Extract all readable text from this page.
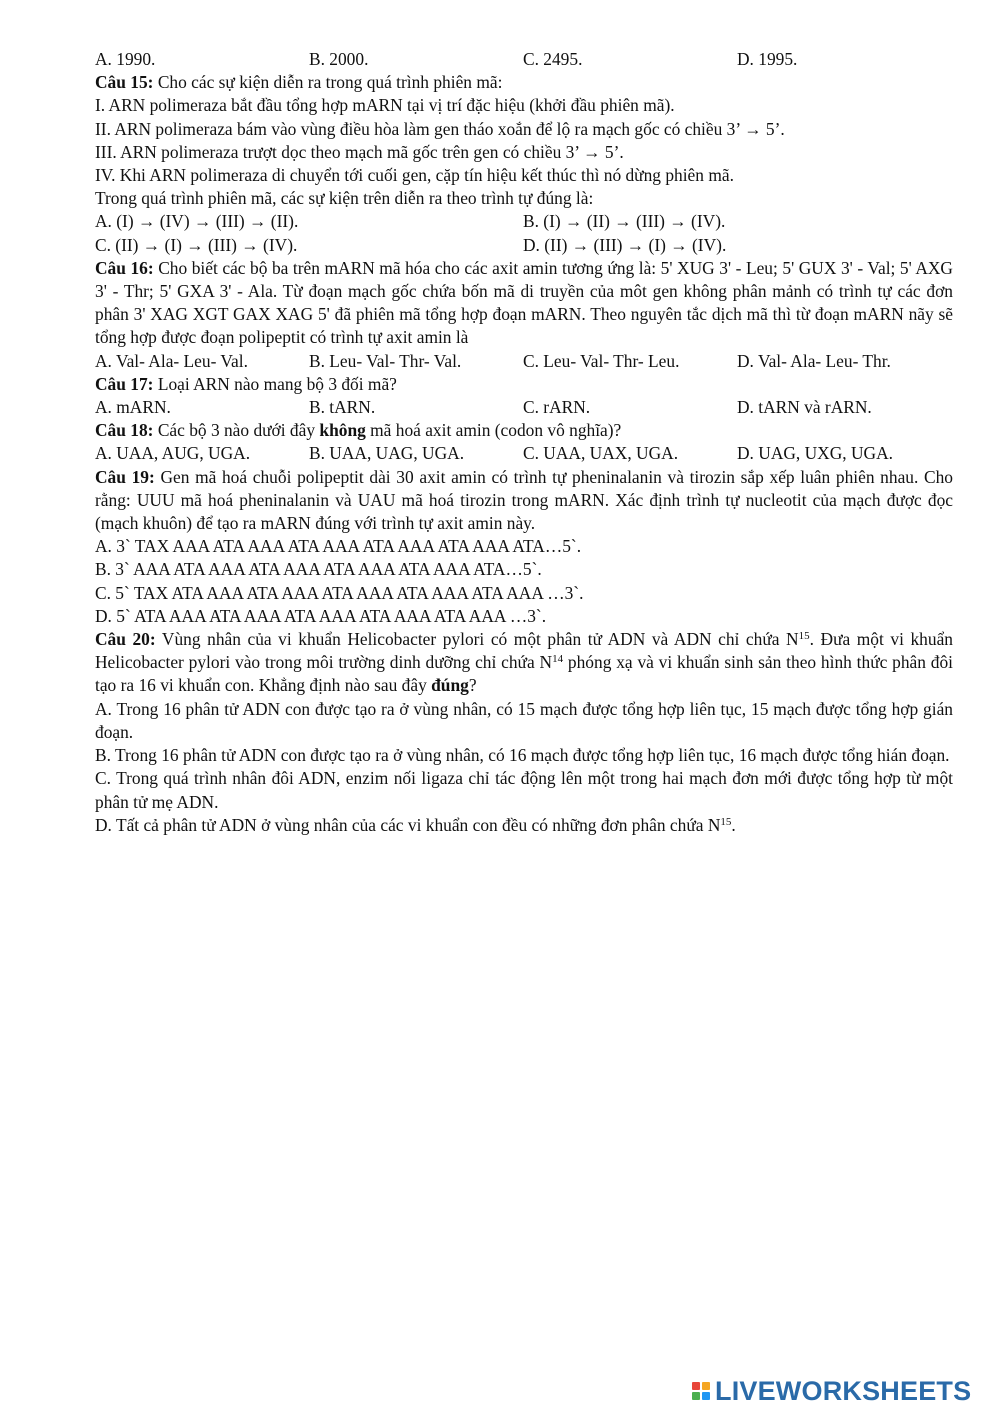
A. 1990.	B. 2000.	C. 2495.	D. 1995.
Câu 15: Cho các sự kiện diễn ra trong quá trình phiên mã:
I. ARN polimeraza bắt đầu tổng hợp mARN tại vị trí đặc hiệu (khởi đầu phiên mã).
II. ARN polimeraza bám vào vùng điều hòa làm gen tháo xoắn để lộ ra mạch gốc có chiều 3’ → 5’.
III. ARN polimeraza trượt dọc theo mạch mã gốc trên gen có chiều 3’ → 5’.
IV. Khi ARN polimeraza di chuyển tới cuối gen, cặp tín hiệu kết thúc thì nó dừng phiên mã.
Trong quá trình phiên mã, các sự kiện trên diễn ra theo trình tự đúng là:
A. (I) → (IV) → (III) → (II).	B. (I) → (II) → (III) → (IV).
C. (II) → (I) → (III) → (IV).	D. (II) → (III) → (I) → (IV).
Câu 16: Cho biết các bộ ba trên mARN mã hóa cho các axit amin tương ứng là: 5' XUG 3' - Leu; 5' GUX 3' - Val; 5' AXG 3' - Thr; 5' GXA 3' - Ala. Từ đoạn mạch gốc chứa bốn mã di truyền của môt gen không phân mảnh có trình tự các đơn phân 3' XAG XGT GAX XAG 5' đã phiên mã tổng hợp đoạn mARN. Theo nguyên tắc dịch mã thì từ đoạn mARN nãy sẽ tổng hợp được đoạn polipeptit có trình tự axit amin là
A. Val- Ala- Leu- Val.	B. Leu- Val- Thr- Val.	C. Leu- Val- Thr- Leu.	D. Val- Ala- Leu- Thr.
Câu 17: Loại ARN nào mang bộ 3 đối mã?
A. mARN.	B. tARN.	C. rARN.	D. tARN và rARN.
Câu 18: Các bộ 3 nào dưới đây không mã hoá axit amin (codon vô nghĩa)?
A. UAA, AUG, UGA.	B. UAA, UAG, UGA.	C. UAA, UAX, UGA.	D. UAG, UXG, UGA.
Câu 19: Gen mã hoá chuỗi polipeptit dài 30 axit amin có trình tự pheninalanin và tirozin sắp xếp luân phiên nhau. Cho rằng: UUU mã hoá pheninalanin và UAU mã hoá tirozin trong mARN. Xác định trình tự nucleotit của mạch được đọc (mạch khuôn) để tạo ra mARN đúng với trình tự axit amin này.
A. 3` TAX AAA ATA AAA ATA AAA ATA AAA ATA AAA ATA…5`.
B. 3` AAA ATA AAA ATA AAA ATA AAA ATA AAA ATA…5`.
C. 5` TAX ATA AAA ATA AAA ATA AAA ATA AAA ATA AAA …3`.
D. 5` ATA AAA ATA AAA ATA AAA ATA AAA ATA AAA …3`.
Câu 20: Vùng nhân của vi khuẩn Helicobacter pylori có một phân tử ADN và ADN chỉ chứa $N^{15}$. Đưa một vi khuẩn Helicobacter pylori vào trong môi trường dinh dưỡng chỉ chứa $N^{14}$ phóng xạ và vi khuẩn sinh sản theo hình thức phân đôi tạo ra 16 vi khuẩn con. Khẳng định nào sau đây đúng?
A. Trong 16 phân tử ADN con được tạo ra ở vùng nhân, có 15 mạch được tổng hợp liên tục, 15 mạch được tổng hợp gián đoạn.
B. Trong 16 phân tử ADN con được tạo ra ở vùng nhân, có 16 mạch được tổng hợp liên tục, 16 mạch được tổng hián đoạn.
C. Trong quá trình nhân đôi ADN, enzim nối ligaza chỉ tác động lên một trong hai mạch đơn mới được tổng hợp từ một phân tử mẹ ADN.
D. Tất cả phân tử ADN ở vùng nhân của các vi khuẩn con đều có những đơn phân chứa $N^{15}$.
LIVEWORKSHEETS
